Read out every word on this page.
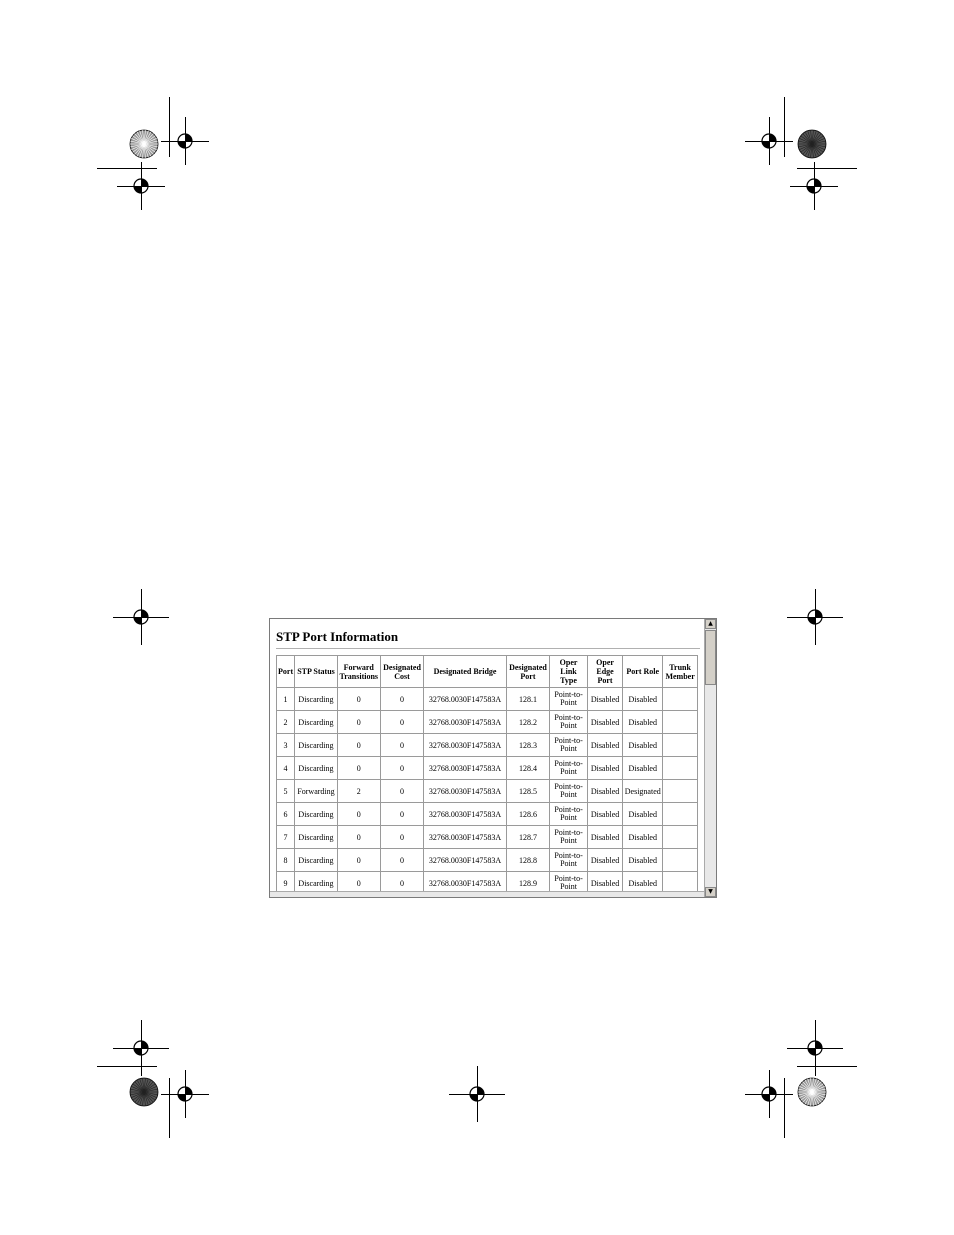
STP Port Information
Port	STP Status	Forward Transitions	Designated Cost	Designated Bridge	Designated Port	Oper Link Type	Oper Edge Port	Port Role	Trunk Member
1	Discarding	0	0	32768.0030F147583A	128.1	Point-to-Point	Disabled	Disabled	
2	Discarding	0	0	32768.0030F147583A	128.2	Point-to-Point	Disabled	Disabled	
3	Discarding	0	0	32768.0030F147583A	128.3	Point-to-Point	Disabled	Disabled	
4	Discarding	0	0	32768.0030F147583A	128.4	Point-to-Point	Disabled	Disabled	
5	Forwarding	2	0	32768.0030F147583A	128.5	Point-to-Point	Disabled	Designated	
6	Discarding	0	0	32768.0030F147583A	128.6	Point-to-Point	Disabled	Disabled	
7	Discarding	0	0	32768.0030F147583A	128.7	Point-to-Point	Disabled	Disabled	
8	Discarding	0	0	32768.0030F147583A	128.8	Point-to-Point	Disabled	Disabled	
9	Discarding	0	0	32768.0030F147583A	128.9	Point-to-Point	Disabled	Disabled	
▲
▼
